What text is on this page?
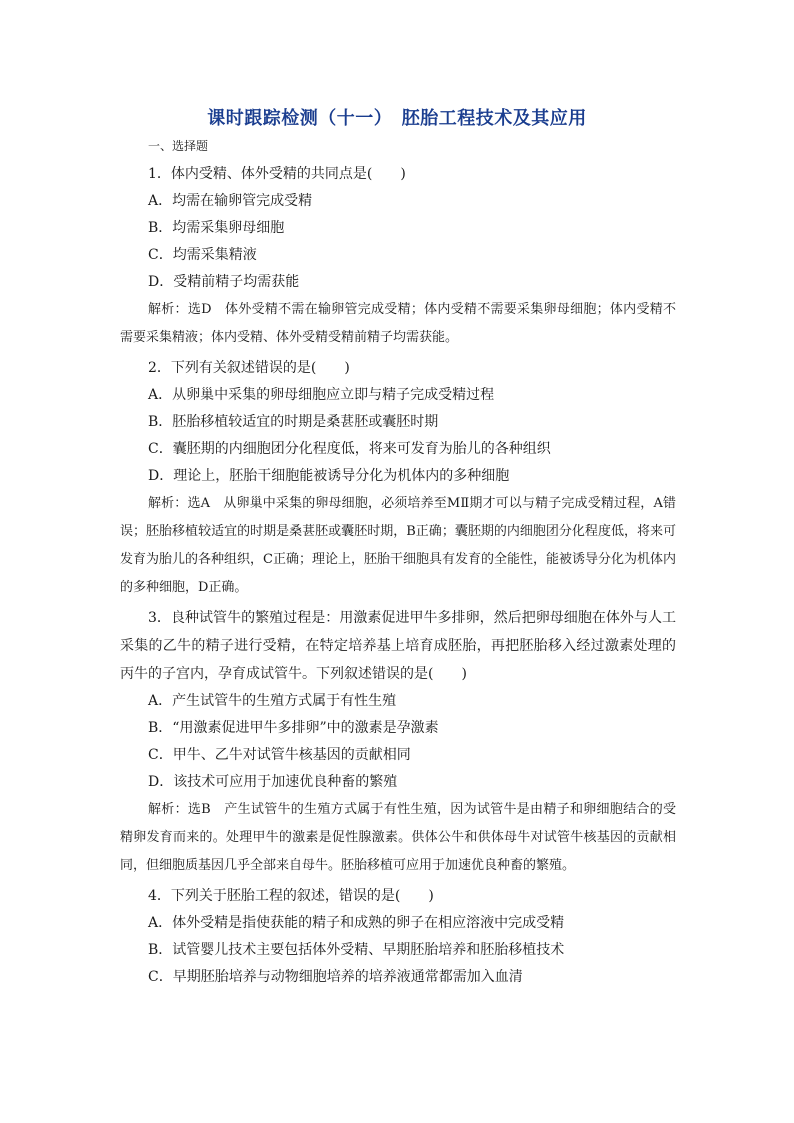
课时跟踪检测（十一）　胚胎工程技术及其应用
一、选择题
1．体内受精、体外受精的共同点是(　　)
A．均需在输卵管完成受精
B．均需采集卵母细胞
C．均需采集精液
D．受精前精子均需获能
解析：选D　体外受精不需在输卵管完成受精；体内受精不需要采集卵母细胞；体内受精不需要采集精液；体内受精、体外受精受精前精子均需获能。
2．下列有关叙述错误的是(　　)
A．从卵巢中采集的卵母细胞应立即与精子完成受精过程
B．胚胎移植较适宜的时期是桑葚胚或囊胚时期
C．囊胚期的内细胞团分化程度低，将来可发育为胎儿的各种组织
D．理论上，胚胎干细胞能被诱导分化为机体内的多种细胞
解析：选A　从卵巢中采集的卵母细胞，必须培养至MⅡ期才可以与精子完成受精过程，A错误；胚胎移植较适宜的时期是桑葚胚或囊胚时期，B正确；囊胚期的内细胞团分化程度低，将来可发育为胎儿的各种组织，C正确；理论上，胚胎干细胞具有发育的全能性，能被诱导分化为机体内的多种细胞，D正确。
3．良种试管牛的繁殖过程是：用激素促进甲牛多排卵，然后把卵母细胞在体外与人工采集的乙牛的精子进行受精，在特定培养基上培育成胚胎，再把胚胎移入经过激素处理的丙牛的子宫内，孕育成试管牛。下列叙述错误的是(　　)
A．产生试管牛的生殖方式属于有性生殖
B．“用激素促进甲牛多排卵”中的激素是孕激素
C．甲牛、乙牛对试管牛核基因的贡献相同
D．该技术可应用于加速优良种畜的繁殖
解析：选B　产生试管牛的生殖方式属于有性生殖，因为试管牛是由精子和卵细胞结合的受精卵发育而来的。处理甲牛的激素是促性腺激素。供体公牛和供体母牛对试管牛核基因的贡献相同，但细胞质基因几乎全部来自母牛。胚胎移植可应用于加速优良种畜的繁殖。
4．下列关于胚胎工程的叙述，错误的是(　　)
A．体外受精是指使获能的精子和成熟的卵子在相应溶液中完成受精
B．试管婴儿技术主要包括体外受精、早期胚胎培养和胚胎移植技术
C．早期胚胎培养与动物细胞培养的培养液通常都需加入血清
